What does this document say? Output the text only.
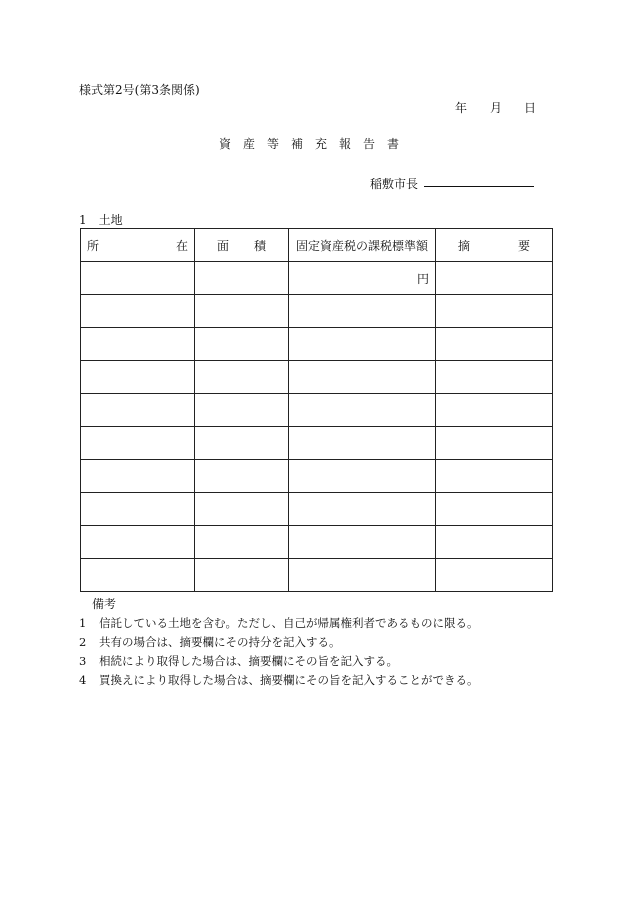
様式第2号(第3条関係)
年 月 日
資産等補充報告書
稲敷市長
1　土地
所 在	面 積	固定資産税の課税標準額	摘 要

		円	

備考
1 信託している土地を含む。ただし、自己が帰属権利者であるものに限る。
2 共有の場合は、摘要欄にその持分を記入する。
3 相続により取得した場合は、摘要欄にその旨を記入する。
4 買換えにより取得した場合は、摘要欄にその旨を記入することができる。
